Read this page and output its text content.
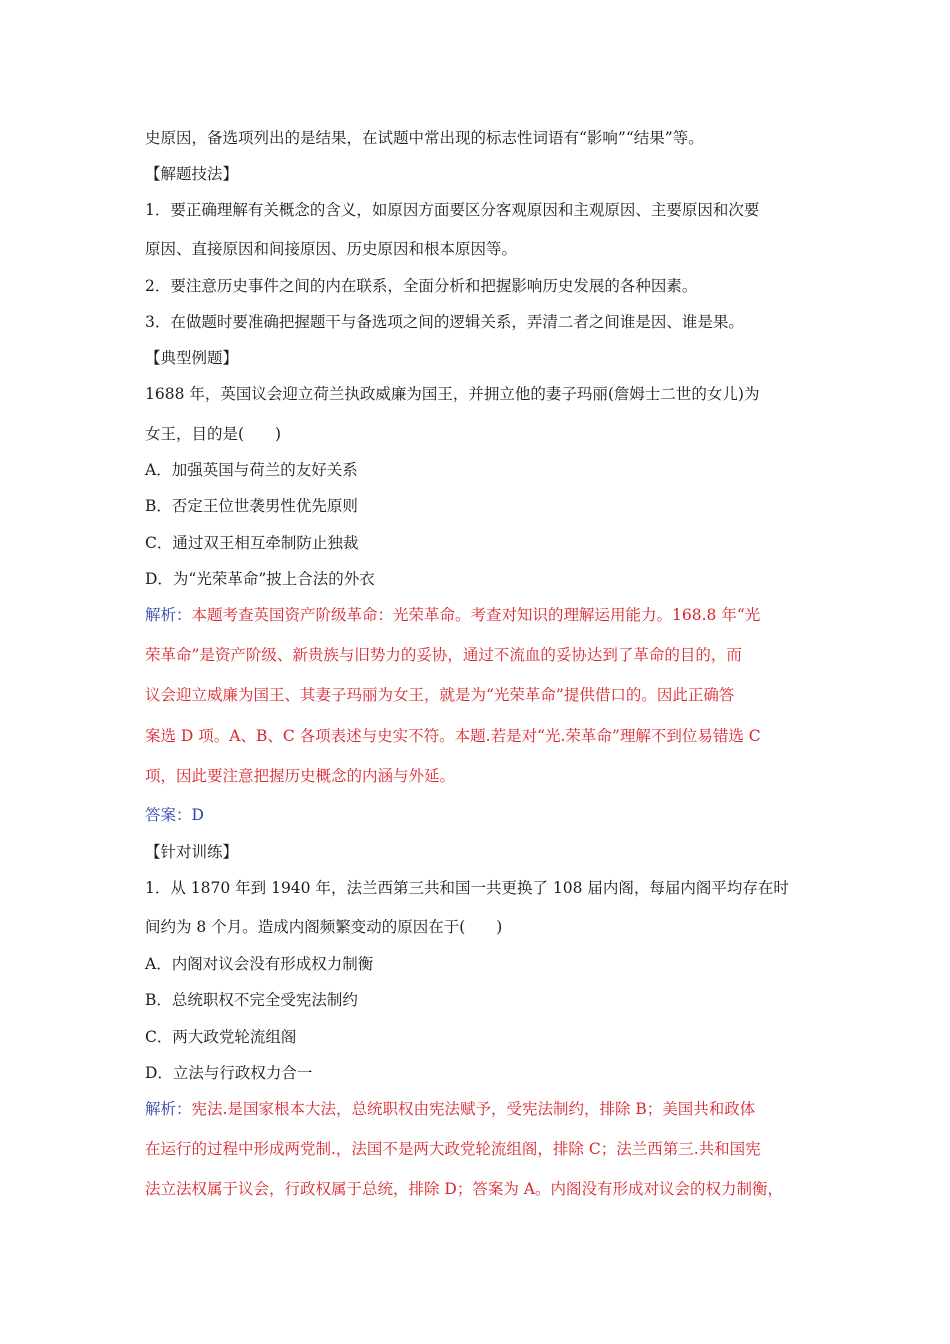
史原因，备选项列出的是结果，在试题中常出现的标志性词语有“影响”“结果”等。
【解题技法】
1．要正确理解有关概念的含义，如原因方面要区分客观原因和主观原因、主要原因和次要
原因、直接原因和间接原因、历史原因和根本原因等。
2．要注意历史事件之间的内在联系，全面分析和把握影响历史发展的各种因素。
3．在做题时要准确把握题干与备选项之间的逻辑关系，弄清二者之间谁是因、谁是果。
【典型例题】
1688 年，英国议会迎立荷兰执政威廉为国王，并拥立他的妻子玛丽(詹姆士二世的女儿)为
女王，目的是(　　)
A．加强英国与荷兰的友好关系
B．否定王位世袭男性优先原则
C．通过双王相互牵制防止独裁
D．为“光荣革命”披上合法的外衣
解析：本题考查英国资产阶级革命：光荣革命。考查对知识的理解运用能力。168.8 年“光
荣革命”是资产阶级、新贵族与旧势力的妥协，通过不流血的妥协达到了革命的目的，而
议会迎立威廉为国王、其妻子玛丽为女王，就是为“光荣革命”提供借口的。因此正确答
案选 D 项。A、B、C 各项表述与史实不符。本题.若是对“光.荣革命”理解不到位易错选 C
项，因此要注意把握历史概念的内涵与外延。
答案：D
【针对训练】
1．从 1870 年到 1940 年，法兰西第三共和国一共更换了 108 届内阁，每届内阁平均存在时
间约为 8 个月。造成内阁频繁变动的原因在于(　　)
A．内阁对议会没有形成权力制衡
B．总统职权不完全受宪法制约
C．两大政党轮流组阁
D．立法与行政权力合一
解析：宪法.是国家根本大法，总统职权由宪法赋予，受宪法制约，排除 B；美国共和政体
在运行的过程中形成两党制.，法国不是两大政党轮流组阁，排除 C；法兰西第三.共和国宪
法立法权属于议会，行政权属于总统，排除 D；答案为 A。内阁没有形成对议会的权力制衡，
